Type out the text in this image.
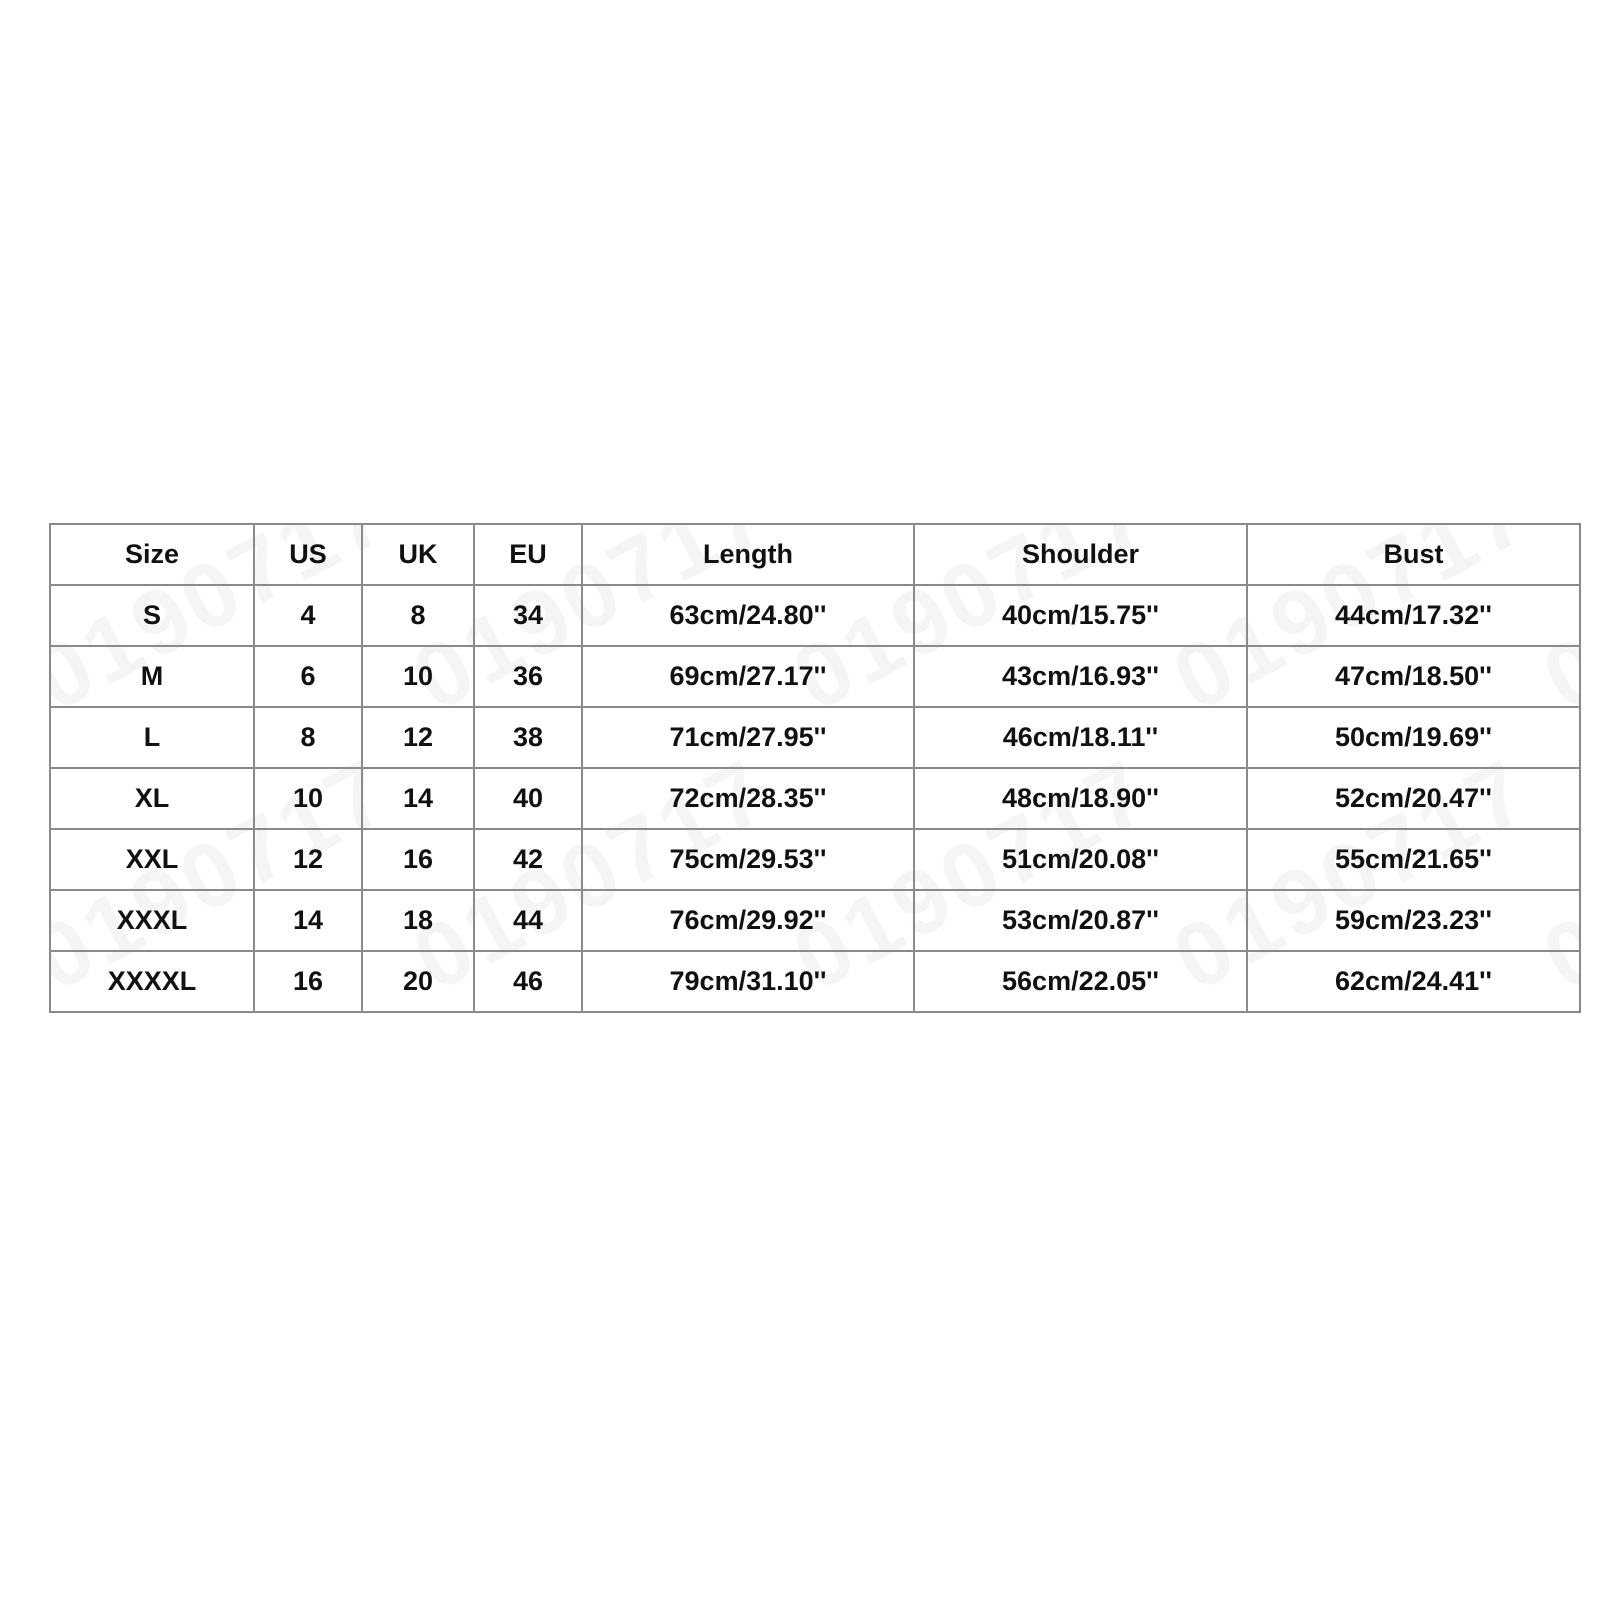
Size	US	UK	EU	Length	Shoulder	Bust
S	4	8	34	63cm/24.80''	40cm/15.75''	44cm/17.32''
M	6	10	36	69cm/27.17''	43cm/16.93''	47cm/18.50''
L	8	12	38	71cm/27.95''	46cm/18.11''	50cm/19.69''
XL	10	14	40	72cm/28.35''	48cm/18.90''	52cm/20.47''
XXL	12	16	42	75cm/29.53''	51cm/20.08''	55cm/21.65''
XXXL	14	18	44	76cm/29.92''	53cm/20.87''	59cm/23.23''
XXXXL	16	20	46	79cm/31.10''	56cm/22.05''	62cm/24.41''
